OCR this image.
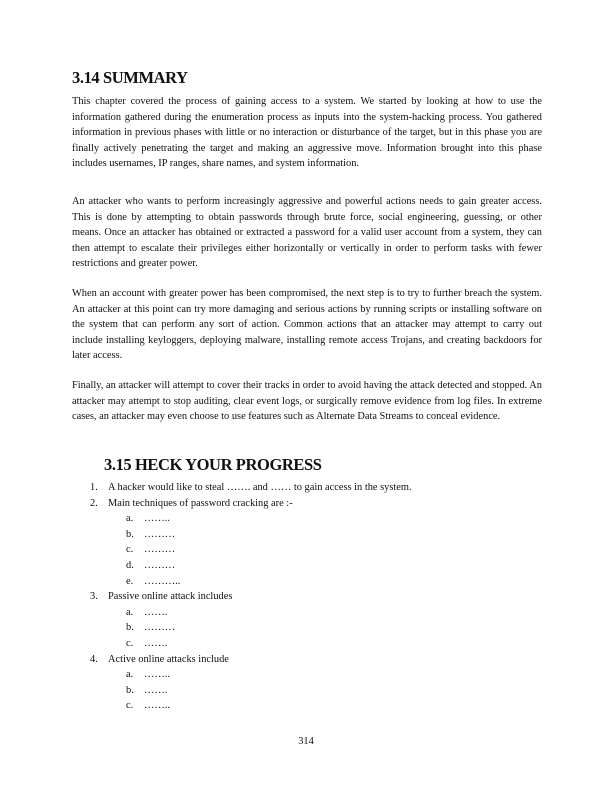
3.14 SUMMARY

This chapter covered the process of gaining access to a system. We started by looking at how to use the information gathered during the enumeration process as inputs into the system-hacking process. You gathered information in previous phases with little or no interaction or disturbance of the target, but in this phase you are finally actively penetrating the target and making an aggressive move. Information brought into this phase includes usernames, IP ranges, share names, and system information.

An attacker who wants to perform increasingly aggressive and powerful actions needs to gain greater access. This is done by attempting to obtain passwords through brute force, social engineering, guessing, or other means. Once an attacker has obtained or extracted a password for a valid user account from a system, they can then attempt to escalate their privileges either horizontally or vertically in order to perform tasks with fewer restrictions and greater power.

When an account with greater power has been compromised, the next step is to try to further breach the system. An attacker at this point can try more damaging and serious actions by running scripts or installing software on the system that can perform any sort of action. Common actions that an attacker may attempt to carry out include installing keyloggers, deploying malware, installing remote access Trojans, and creating backdoors for later access.

Finally, an attacker will attempt to cover their tracks in order to avoid having the attack detected and stopped. An attacker may attempt to stop auditing, clear event logs, or surgically remove evidence from log files. In extreme cases, an attacker may even choose to use features such as Alternate Data Streams to conceal evidence.

3.15 HECK YOUR PROGRESS
1. A hacker would like to steal ……. and …… to gain access in the system.
2. Main techniques of password cracking are :-
a. ……..
b. ………
c. ………
d. ………
e. ………..
3. Passive online attack includes
a. …….
b. ………
c. …….
4. Active online attacks include
a. ……..
b. …….
c. ……..
314
